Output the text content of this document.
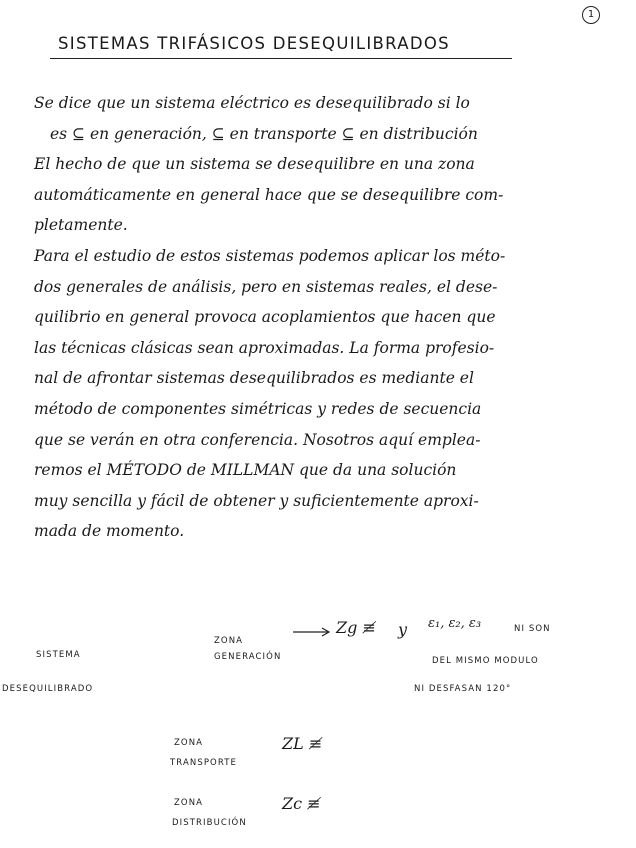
1
SISTEMAS TRIFÁSICOS DESEQUILIBRADOS
Se dice que un sistema eléctrico es desequilibrado si lo
es ⊆ en generación, ⊆ en transporte ⊆ en distribución
El hecho de que un sistema se desequilibre en una zona
automáticamente en general hace que se desequilibre com-
pletamente.
Para el estudio de estos sistemas podemos aplicar los méto-
dos generales de análisis, pero en sistemas reales, el dese-
quilibrio en general provoca acoplamientos que hacen que
las técnicas clásicas sean aproximadas. La forma profesio-
nal de afrontar sistemas desequilibrados es mediante el
método de componentes simétricas y redes de secuencia
que se verán en otra conferencia. Nosotros aquí emplea-
remos el MÉTODO de MILLMAN que da una solución
muy sencilla y fácil de obtener y suficientemente aproxi-
mada de momento.
SISTEMA
DESEQUILIBRADO
ZONA
GENERACIÓN
Zg ≢ y ε₁, ε₂, ε₃	NI SON
DEL MISMO MODULO
NI DESFASAN 120°
ZONA
TRANSPORTE
ZL ≢
ZONA
DISTRIBUCIÓN
Zc ≢
